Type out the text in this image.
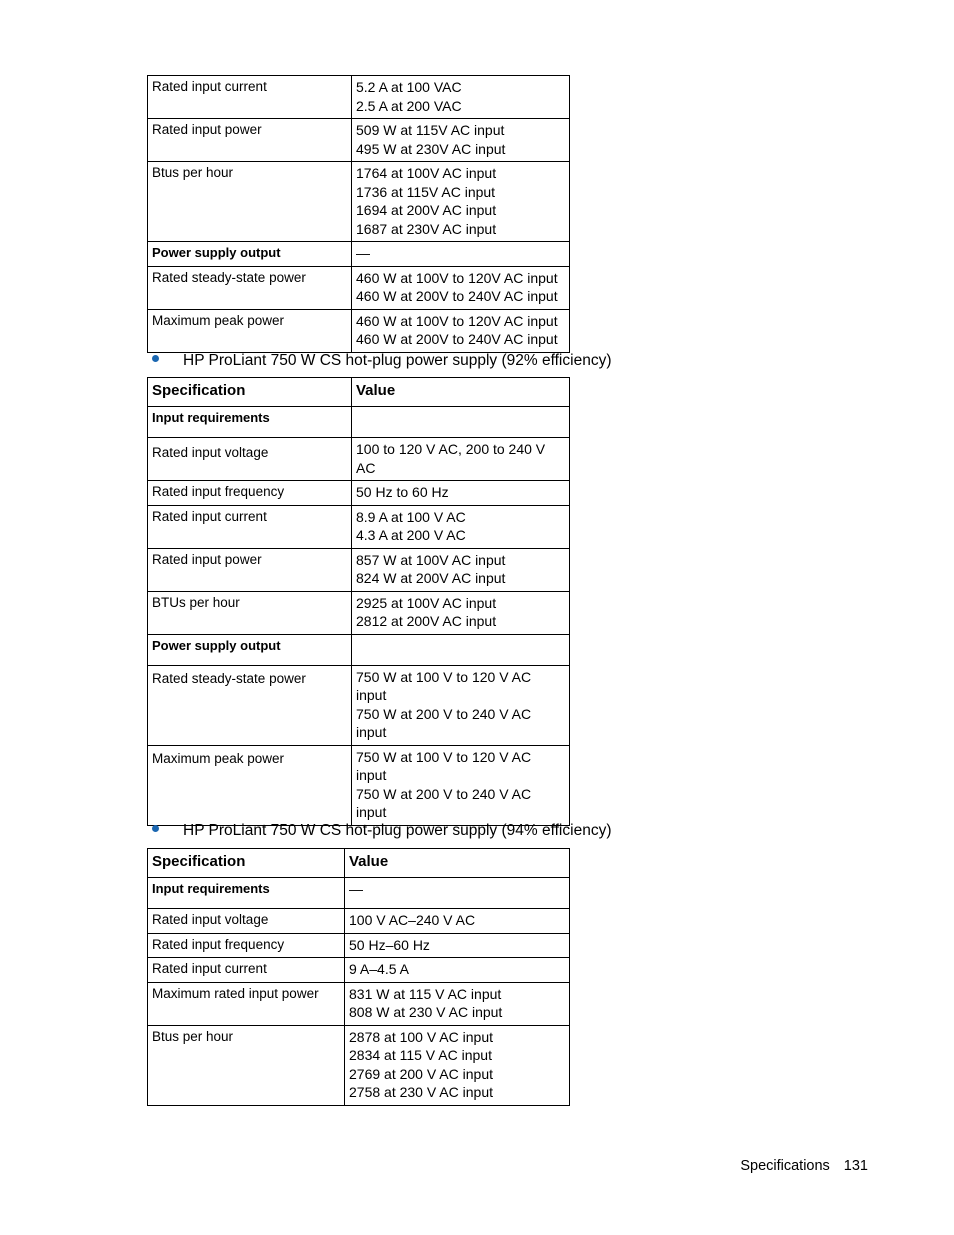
Rated input current	5.2 A at 100 VAC
2.5 A at 200 VAC
Rated input power	509 W at 115V AC input
495 W at 230V AC input
Btus per hour	1764 at 100V AC input
1736 at 115V AC input
1694 at 200V AC input
1687 at 230V AC input
Power supply output	—
Rated steady-state power	460 W at 100V to 120V AC input
460 W at 200V to 240V AC input
Maximum peak power	460 W at 100V to 120V AC input
460 W at 200V to 240V AC input
HP ProLiant 750 W CS hot-plug power supply (92% efficiency)
Specification	Value
Input requirements	
Rated input voltage	100 to 120 V AC, 200 to 240 V AC
Rated input frequency	50 Hz to 60 Hz
Rated input current	8.9 A at 100 V AC
4.3 A at 200 V AC
Rated input power	857 W at 100V AC input
824 W at 200V AC input
BTUs per hour	2925 at 100V AC input
2812 at 200V AC input
Power supply output	
Rated steady-state power	750 W at 100 V to 120 V AC input
750 W at 200 V to 240 V AC input
Maximum peak power	750 W at 100 V to 120 V AC input
750 W at 200 V to 240 V AC input
HP ProLiant 750 W CS hot-plug power supply (94% efficiency)
Specification	Value
Input requirements	—
Rated input voltage	100 V AC–240 V AC
Rated input frequency	50 Hz–60 Hz
Rated input current	9 A–4.5 A
Maximum rated input power	831 W at 115 V AC input
808 W at 230 V AC input
Btus per hour	2878 at 100 V AC input
2834 at 115 V AC input
2769 at 200 V AC input
2758 at 230 V AC input
Specifications 131
